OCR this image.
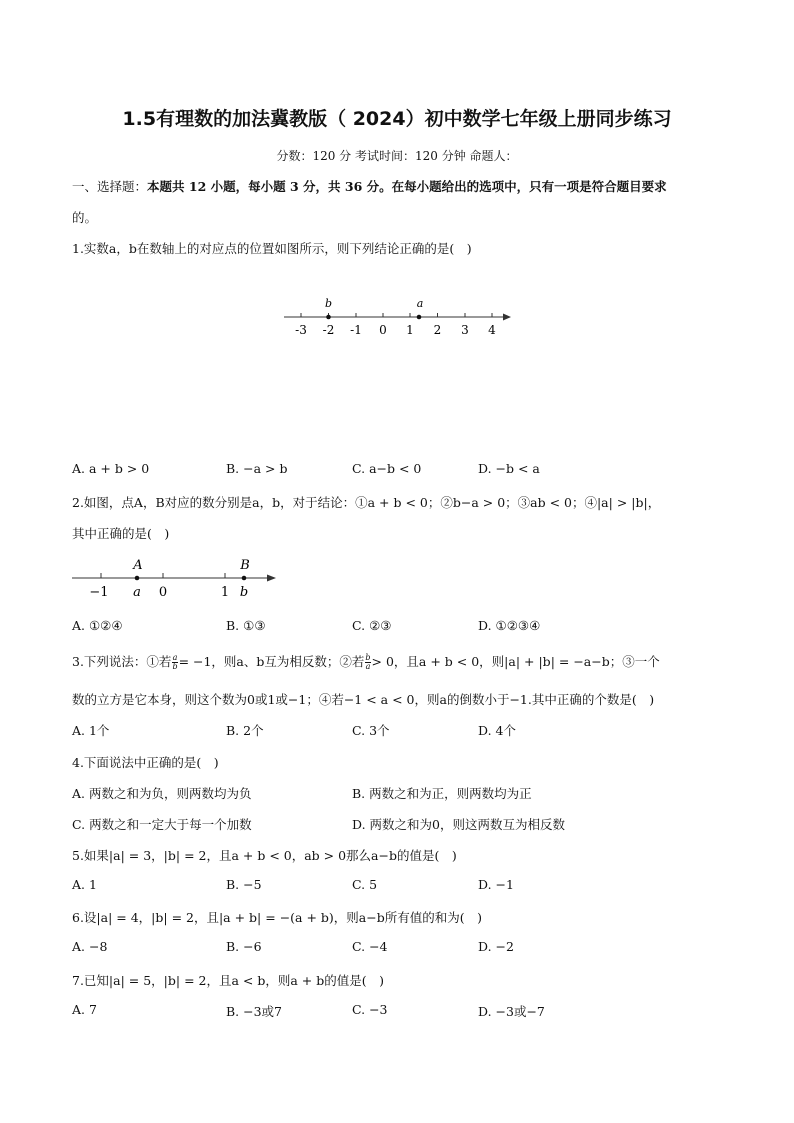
1.5有理数的加法冀教版（ 2024）初中数学七年级上册同步练习
分数：120 分 考试时间：120 分钟 命题人：
一、选择题：本题共 12 小题，每小题 3 分，共 36 分。在每小题给出的选项中，只有一项是符合题目要求
的。
1.实数a，b在数轴上的对应点的位置如图所示，则下列结论正确的是(　)
-3 -2 -1 0 1 2 3 4
b	a
A. a + b > 0	B. −a > b	C. a−b < 0	D. −b < a
2.如图，点A，B对应的数分别是a，b，对于结论：①a + b < 0；②b−a > 0；③ab < 0；④|a| > |b|，
其中正确的是(　)
A	B
−1 a 0	1 b
A. ①②④	B. ①③	C. ②③	D. ①②③④
3.下列说法：①若 $\frac{a}{b} = -1$，则a、b互为相反数；②若 $\frac{b}{a} > 0$，且a + b < 0，则|a| + |b| = −a−b；③一个
数的立方是它本身，则这个数为0或1或−1；④若−1 < a < 0，则a的倒数小于−1.其中正确的个数是(　)
A. 1个	B. 2个	C. 3个	D. 4个
4.下面说法中正确的是(　)
A. 两数之和为负，则两数均为负	B. 两数之和为正，则两数均为正
C. 两数之和一定大于每一个加数	D. 两数之和为0，则这两数互为相反数
5.如果|a| = 3，|b| = 2，且a + b < 0，ab > 0那么a−b的值是(　)
A. 1	B. −5	C. 5	D. −1
6.设|a| = 4，|b| = 2，且|a + b| = −(a + b)，则a−b所有值的和为(　)
A. −8	B. −6	C. −4	D. −2
7.已知|a| = 5，|b| = 2，且a < b，则a + b的值是(　)
A. 7	B. −3或7	C. −3	D. −3或−7
